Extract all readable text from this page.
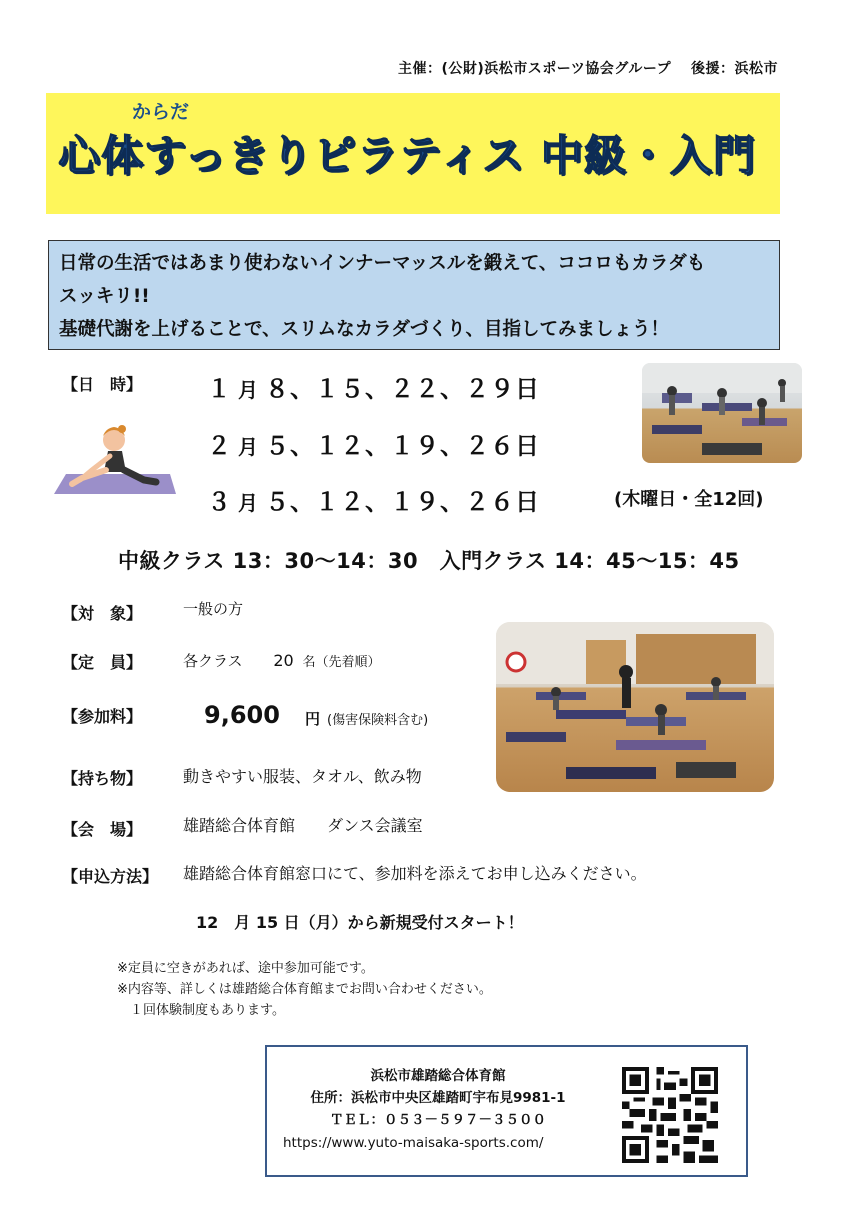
主催：(公財)浜松市スポーツ協会グループ　 後援：浜松市
からだ
心体すっきりピラティス 中級・入門
日常の生活ではあまり使わないインナーマッスルを鍛えて、ココロもカラダも
スッキリ!!
基礎代謝を上げることで、スリムなカラダづくり、目指してみましょう！
【日　時】	１ 月 ８、１５、２２、２９日
２ 月 ５、１２、１９、２６日
３ 月 ５、１２、１９、２６日	(木曜日・全12回)
中級クラス 13：30～14：30　入門クラス 14：45～15：45
【対　象】	一般の方
【定　員】	各クラス 20 名（先着順）
【参加料】	9,600 円 (傷害保険料含む)
【持ち物】	動きやすい服装、タオル、飲み物
【会　場】	雄踏総合体育館　　ダンス会議室
【申込方法】 雄踏総合体育館窓口にて、参加料を添えてお申し込みください。
12　月 15 日（月）から新規受付スタート！
※定員に空きがあれば、途中参加可能です。
※内容等、詳しくは雄踏総合体育館までお問い合わせください。
　１回体験制度もあります。
浜松市雄踏総合体育館
住所：浜松市中央区雄踏町宇布見9981-1
ＴＥＬ：０５３－５９７－３５００
https://www.yuto-maisaka-sports.com/
